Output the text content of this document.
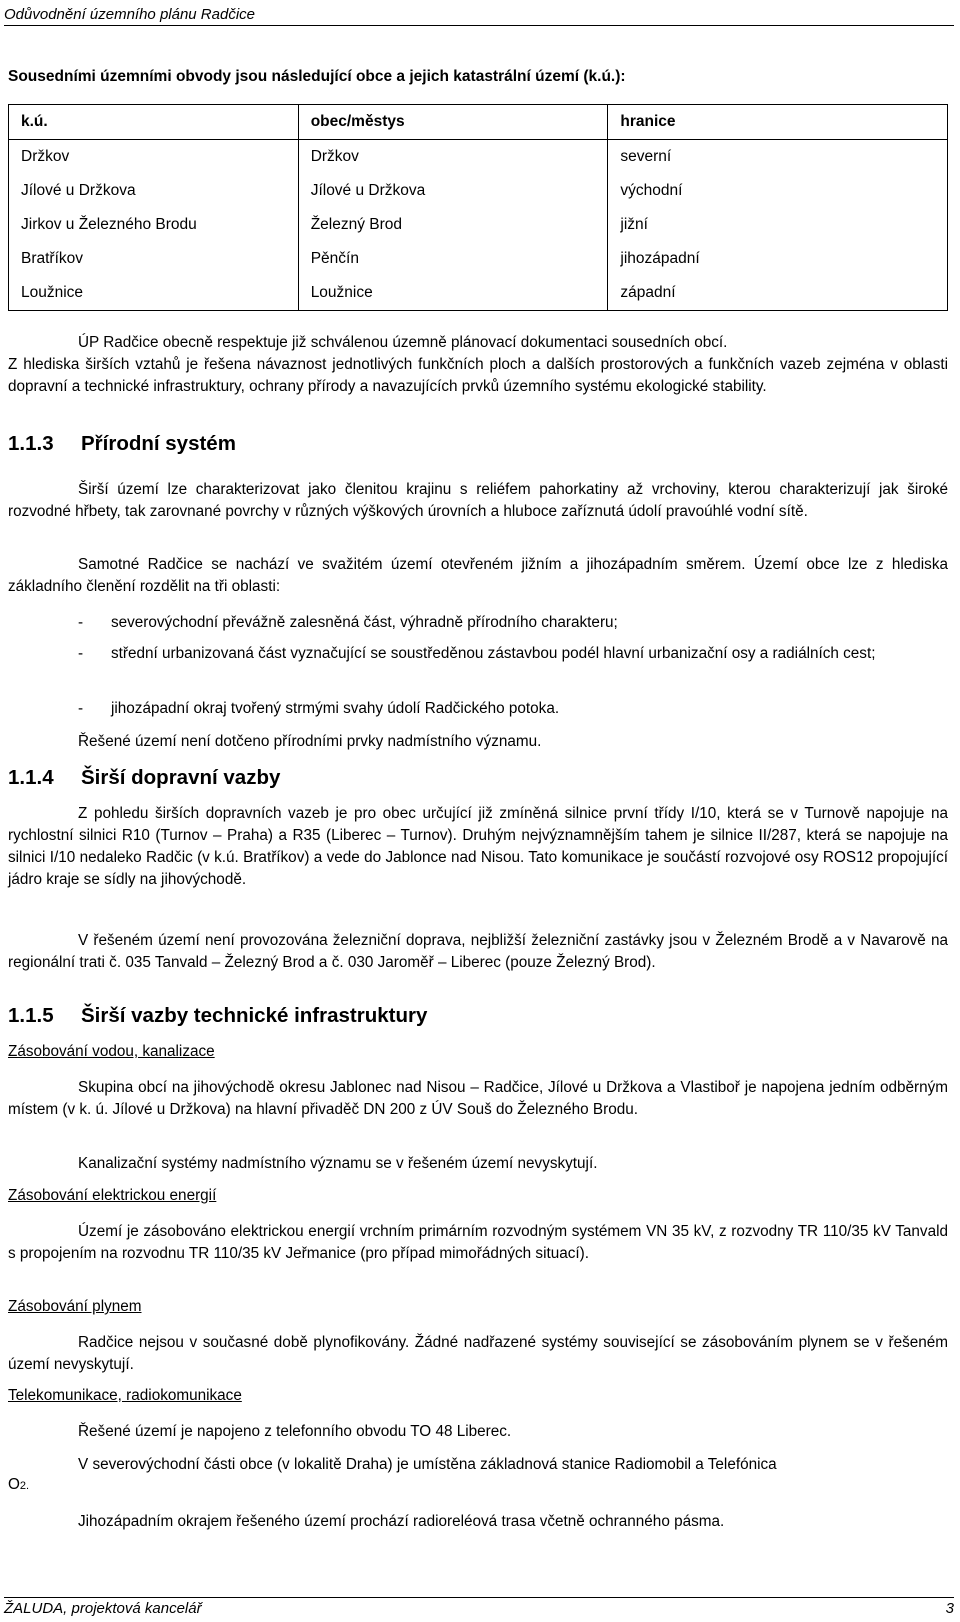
Odůvodnění územního plánu Radčice
Sousedními územními obvody jsou následující obce a jejich katastrální území (k.ú.):
k.ú.	obec/městys	hranice
Držkov	Držkov	severní
Jílové u Držkova	Jílové u Držkova	východní
Jirkov u Železného Brodu	Železný Brod	jižní
Bratříkov	Pěnčín	jihozápadní
Loužnice	Loužnice	západní
ÚP Radčice obecně respektuje již schválenou územně plánovací dokumentaci sousedních obcí.
Z hlediska širších vztahů je řešena návaznost jednotlivých funkčních ploch a dalších prostorových a funkčních vazeb zejména v oblasti dopravní a technické infrastruktury, ochrany přírody a navazujících prvků územního systému ekologické stability.
1.1.3 Přírodní systém
Širší území lze charakterizovat jako členitou krajinu s reliéfem pahorkatiny až vrchoviny, kterou charakterizují jak široké rozvodné hřbety, tak zarovnané povrchy v různých výškových úrovních a hluboce zaříznutá údolí pravoúhlé vodní sítě.
Samotné Radčice se nachází ve svažitém území otevřeném jižním a jihozápadním směrem. Území obce lze z hlediska základního členění rozdělit na tři oblasti:
- severovýchodní převážně zalesněná část, výhradně přírodního charakteru;
- střední urbanizovaná část vyznačující se soustředěnou zástavbou podél hlavní urbanizační osy a radiálních cest;
- jihozápadní okraj tvořený strmými svahy údolí Radčického potoka.
Řešené území není dotčeno přírodními prvky nadmístního významu.
1.1.4 Širší dopravní vazby
Z pohledu širších dopravních vazeb je pro obec určující již zmíněná silnice první třídy I/10, která se v Turnově napojuje na rychlostní silnici R10 (Turnov – Praha) a R35 (Liberec – Turnov). Druhým nejvýznamnějším tahem je silnice II/287, která se napojuje na silnici I/10 nedaleko Radčic (v k.ú. Bratříkov) a vede do Jablonce nad Nisou. Tato komunikace je součástí rozvojové osy ROS12 propojující jádro kraje se sídly na jihovýchodě.
V řešeném území není provozována železniční doprava, nejbližší železniční zastávky jsou v Železném Brodě a v Navarově na regionální trati č. 035 Tanvald – Železný Brod a č. 030 Jaroměř – Liberec (pouze Železný Brod).
1.1.5 Širší vazby technické infrastruktury
Zásobování vodou, kanalizace
Skupina obcí na jihovýchodě okresu Jablonec nad Nisou – Radčice, Jílové u Držkova a Vlastiboř je napojena jedním odběrným místem (v k. ú. Jílové u Držkova) na hlavní přivaděč DN 200 z ÚV Souš do Železného Brodu.
Kanalizační systémy nadmístního významu se v řešeném území nevyskytují.
Zásobování elektrickou energií
Území je zásobováno elektrickou energií vrchním primárním rozvodným systémem VN 35 kV, z rozvodny TR 110/35 kV Tanvald s propojením na rozvodnu TR 110/35 kV Jeřmanice (pro případ mimořádných situací).
Zásobování plynem
Radčice nejsou v současné době plynofikovány. Žádné nadřazené systémy související se zásobováním plynem se v řešeném území nevyskytují.
Telekomunikace, radiokomunikace
Řešené území je napojeno z telefonního obvodu TO 48 Liberec.
V severovýchodní části obce (v lokalitě Draha) je umístěna základnová stanice Radiomobil a Telefónica
O2.
Jihozápadním okrajem řešeného území prochází radioreléová trasa včetně ochranného pásma.
ŽALUDA, projektová kancelář	3
